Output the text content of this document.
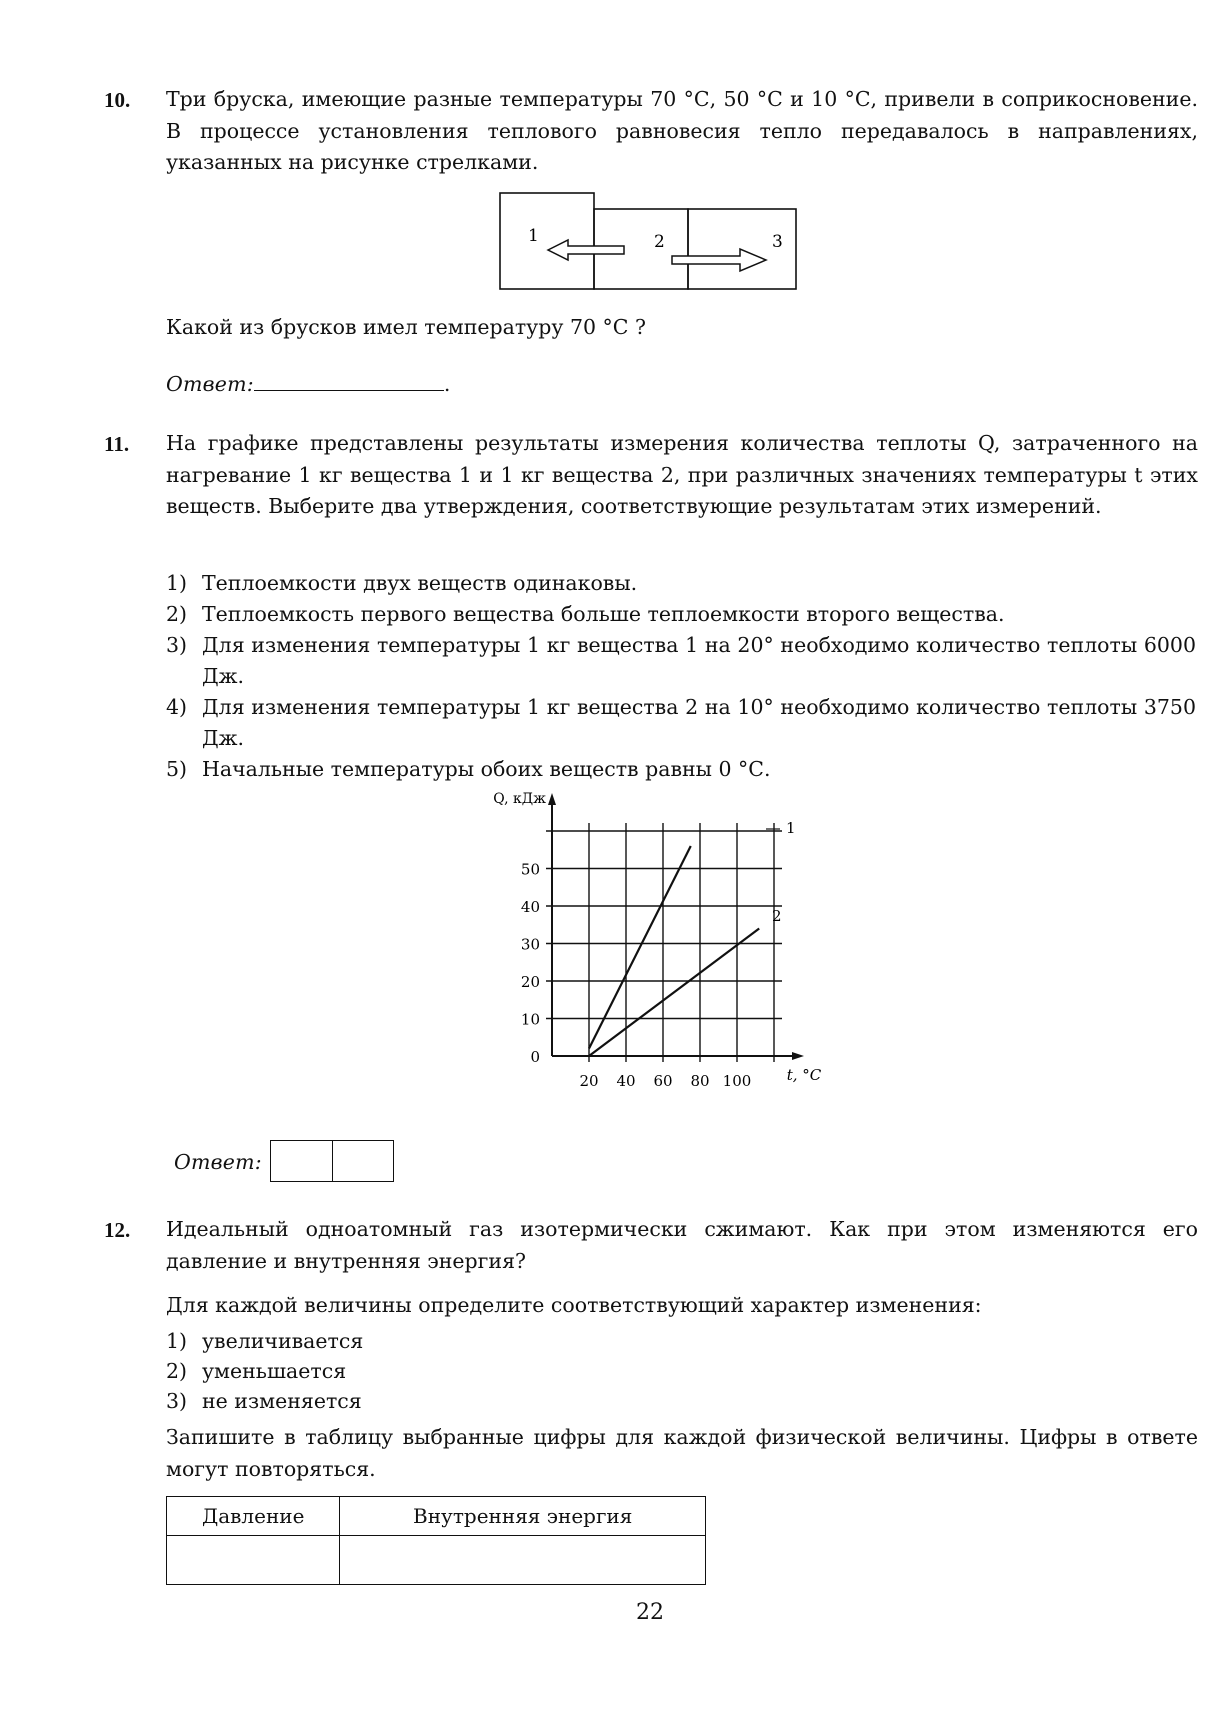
10. Три бруска, имеющие разные температуры 70 °С, 50 °С и 10 °С, привели в соприкосновение. В процессе установления теплового равновесия тепло передавалось в направлениях, указанных на рисунке стрелками.
1	2	3
Какой из брусков имел температуру 70 °С ?
Ответ:	.
11. На графике представлены результаты измерения количества теплоты Q, затраченного на нагревание 1 кг вещества 1 и 1 кг вещества 2, при различных значениях температуры t этих веществ. Выберите два утверждения, соответствующие результатам этих измерений.
1) Теплоемкости двух веществ одинаковы.
2) Теплоемкость первого вещества больше теплоемкости второго вещества.
3) Для изменения температуры 1 кг вещества 1 на 20° необходимо количество теплоты 6000 Дж.
4) Для изменения температуры 1 кг вещества 2 на 10° необходимо количество теплоты 3750 Дж.
5) Начальные температуры обоих веществ равны 0 °С.
0
10
20
30
40
50
20 40 60 80 100
Q, кДж
t, °С
1
2
Ответ:
12. Идеальный одноатомный газ изотермически сжимают. Как при этом изменяются его давление и внутренняя энергия?
Для каждой величины определите соответствующий характер изменения:
1) увеличивается
2) уменьшается
3) не изменяется
Запишите в таблицу выбранные цифры для каждой физической величины. Цифры в ответе могут повторяться.
Давление	Внутренняя энергия

22
